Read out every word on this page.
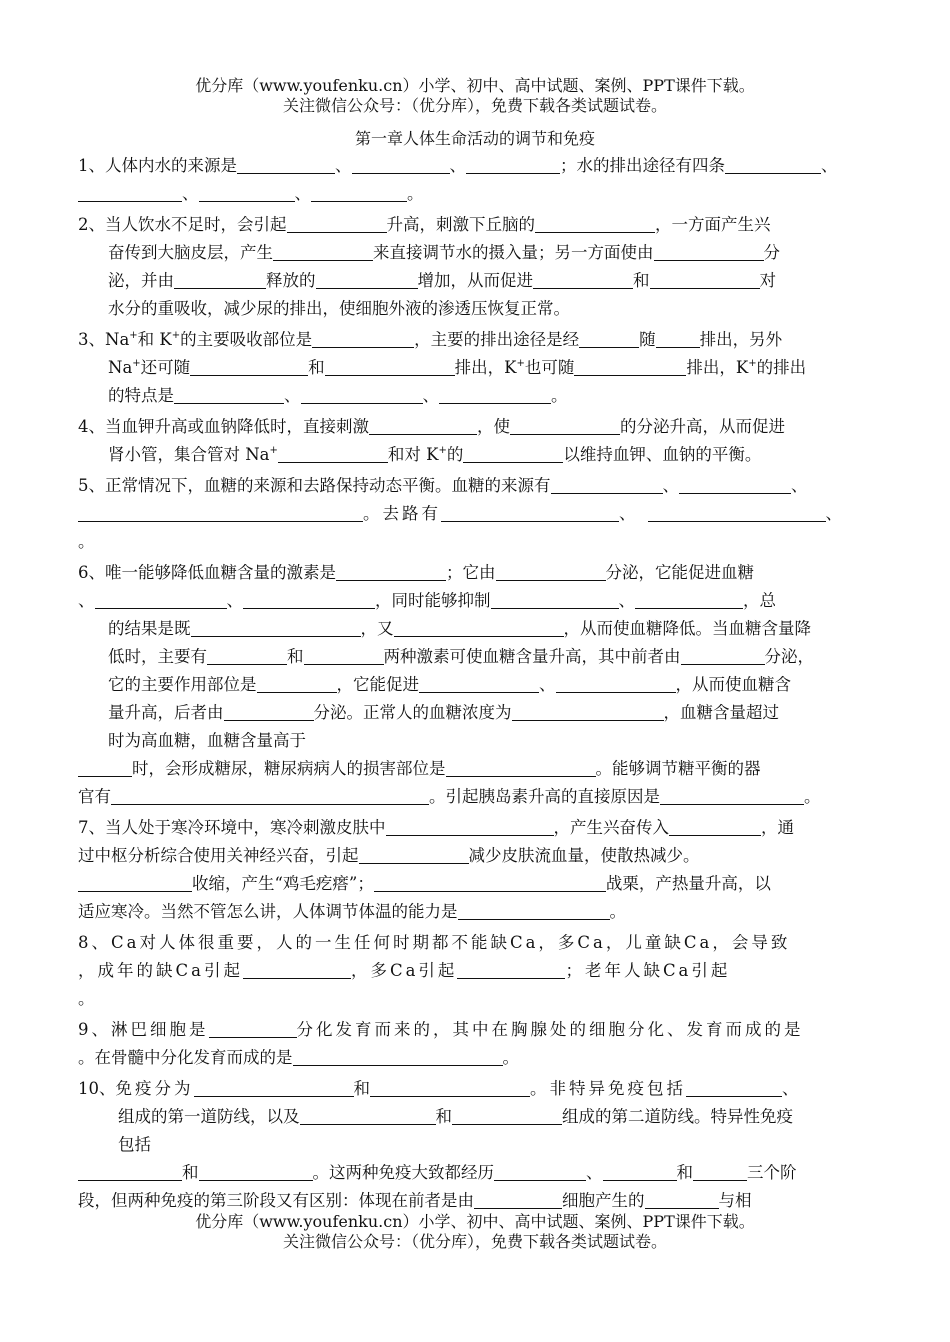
优分库（www.youfenku.cn）小学、初中、高中试题、案例、PPT课件下载。
关注微信公众号：（优分库），免费下载各类试题试卷。
第一章人体生命活动的调节和免疫
1、人体内水的来源是	、	、	；水的排出途径有四条	、
、	、	。
2、当人饮水不足时，会引起	升高，刺激下丘脑的	，一方面产生兴
奋传到大脑皮层，产生	来直接调节水的摄入量；另一方面使由	分
泌，并由	释放的	增加，从而促进	和	对
水分的重吸收，减少尿的排出，使细胞外液的渗透压恢复正常。
3、Na+和 K+的主要吸收部位是	，主要的排出途径是经	随	排出，另外
Na+还可随	和	排出，K+也可随	排出，K+的排出
的特点是	、	、	。
4、当血钾升高或血钠降低时，直接刺激	，使	的分泌升高，从而促进
肾小管，集合管对 Na+	和对 K+的	以维持血钾、血钠的平衡。
5、正常情况下，血糖的来源和去路保持动态平衡。血糖的来源有	、	、
。去路有	、	、
。
6、唯一能够降低血糖含量的激素是	；它由	分泌，它能促进血糖
、	、	，同时能够抑制	、	，总
的结果是既	，又	，从而使血糖降低。当血糖含量降
低时，主要有	和	两种激素可使血糖含量升高，其中前者由	分泌，
它的主要作用部位是	，它能促进	、	，从而使血糖含
量升高，后者由	分泌。正常人的血糖浓度为	，血糖含量超过
时为高血糖，血糖含量高于
时，会形成糖尿，糖尿病病人的损害部位是	。能够调节糖平衡的器
官有	。引起胰岛素升高的直接原因是	。
7、当人处于寒冷环境中，寒冷刺激皮肤中	，产生兴奋传入	，通
过中枢分析综合使用关神经兴奋，引起	减少皮肤流血量，使散热减少。
收缩，产生“鸡毛疙瘩”；	战栗，产热量升高，以
适应寒冷。当然不管怎么讲，人体调节体温的能力是	。
8、Ca对人体很重要，人的一生任何时期都不能缺Ca，多Ca，儿童缺Ca，会导致
，成年的缺Ca引起	，多Ca引起	；老年人缺Ca引起
。
9、淋巴细胞是	分化发育而来的，其中在胸腺处的细胞分化、发育而成的是
。在骨髓中分化发育而成的是	。
10、免疫分为	和	。非特异免疫包括	、
组成的第一道防线，以及	和	组成的第二道防线。特异性免疫
包括
和	。这两种免疫大致都经历	、	和	三个阶
段，但两种免疫的第三阶段又有区别：体现在前者是由	细胞产生的	与相
优分库（www.youfenku.cn）小学、初中、高中试题、案例、PPT课件下载。
关注微信公众号：（优分库），免费下载各类试题试卷。
